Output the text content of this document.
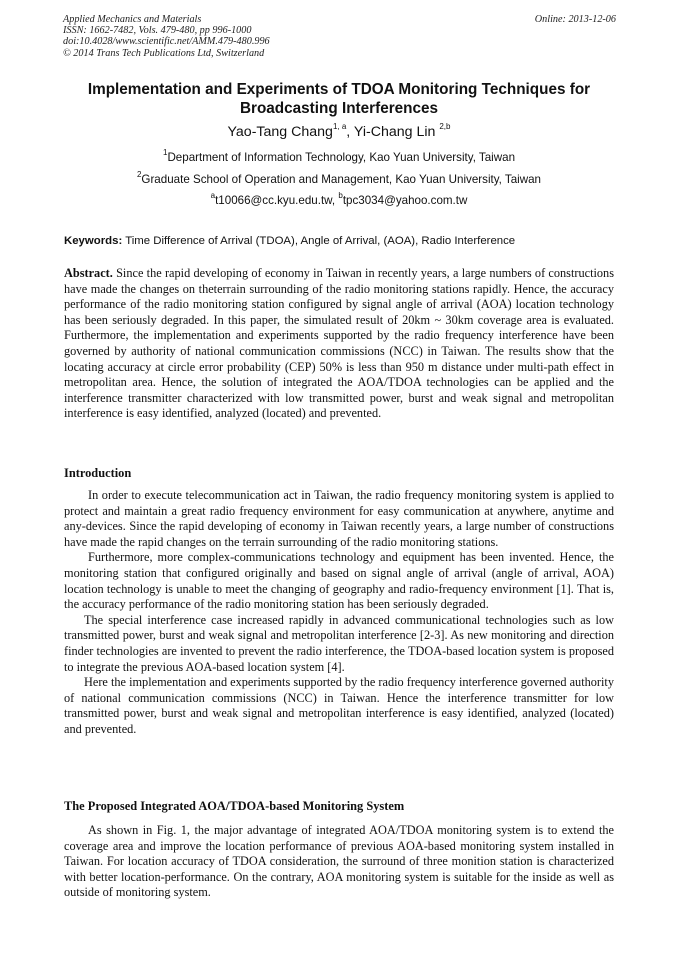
Applied Mechanics and Materials
ISSN: 1662-7482, Vols. 479-480, pp 996-1000
doi:10.4028/www.scientific.net/AMM.479-480.996
© 2014 Trans Tech Publications Ltd, Switzerland
Online: 2013-12-06
Implementation and Experiments of TDOA Monitoring Techniques for Broadcasting Interferences
Yao-Tang Chang$^{1, a}$, Yi-Chang Lin $^{2,b}$
$^1$Department of Information Technology, Kao Yuan University, Taiwan
$^2$Graduate School of Operation and Management, Kao Yuan University, Taiwan
$^a$t10066@cc.kyu.edu.tw, $^b$tpc3034@yahoo.com.tw
Keywords: Time Difference of Arrival (TDOA), Angle of Arrival, (AOA), Radio Interference

Abstract. Since the rapid developing of economy in Taiwan in recently years, a large numbers of constructions have made the changes on theterrain surrounding of the radio monitoring stations rapidly. Hence, the accuracy performance of the radio monitoring station configured by signal angle of arrival (AOA) location technology has been seriously degraded. In this paper, the simulated result of 20km ~ 30km coverage area is evaluated. Furthermore, the implementation and experiments supported by the radio frequency interference have been governed by authority of national communication commissions (NCC) in Taiwan. The results show that the locating accuracy at circle error probability (CEP) 50% is less than 950 m distance under multi-path effect in metropolitan area. Hence, the solution of integrated the AOA/TDOA technologies can be applied and the interference transmitter characterized with low transmitted power, burst and weak signal and metropolitan interference is easy identified, analyzed (located) and prevented.

Introduction

In order to execute telecommunication act in Taiwan, the radio frequency monitoring system is applied to protect and maintain a great radio frequency environment for easy communication at anywhere, anytime and any-devices. Since the rapid developing of economy in Taiwan recently years, a large number of constructions have made the rapid changes on the terrain surrounding of the radio monitoring stations.

Furthermore, more complex-communications technology and equipment has been invented. Hence, the monitoring station that configured originally and based on signal angle of arrival (angle of arrival, AOA) location technology is unable to meet the changing of geography and radio-frequency environment [1]. That is, the accuracy performance of the radio monitoring station has been seriously degraded.

The special interference case increased rapidly in advanced communicational technologies such as low transmitted power, burst and weak signal and metropolitan interference [2-3]. As new monitoring and direction finder technologies are invented to prevent the radio interference, the TDOA-based location system is proposed to integrate the previous AOA-based location system [4].

Here the implementation and experiments supported by the radio frequency interference governed authority of national communication commissions (NCC) in Taiwan. Hence the interference transmitter for low transmitted power, burst and weak signal and metropolitan interference is easy identified, analyzed (located) and prevented.

The Proposed Integrated AOA/TDOA-based Monitoring System

As shown in Fig. 1, the major advantage of integrated AOA/TDOA monitoring system is to extend the coverage area and improve the location performance of previous AOA-based monitoring system installed in Taiwan. For location accuracy of TDOA consideration, the surround of three monition station is characterized with better location-performance. On the contrary, AOA monitoring system is suitable for the inside as well as outside of monitoring system.
